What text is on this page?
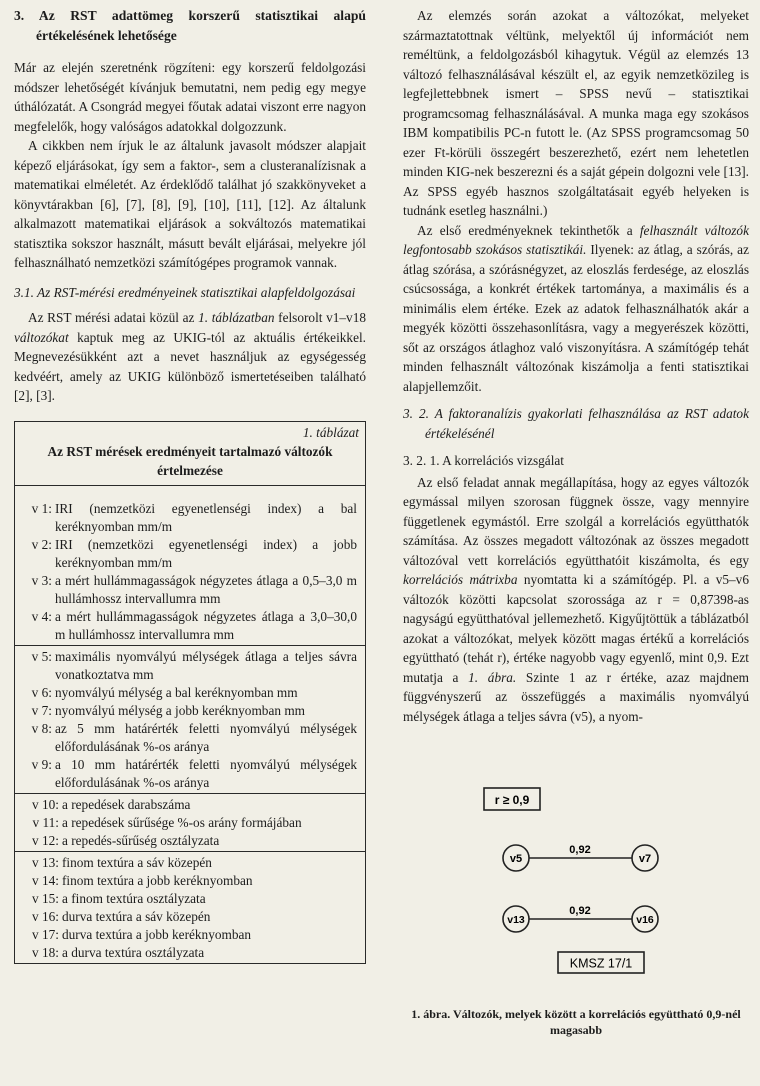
3. Az RST adattömeg korszerű statisztikai alapú értékelésének lehetősége

Már az elején szeretnénk rögzíteni: egy korszerű feldolgozási módszer lehetőségét kívánjuk bemutatni, nem pedig egy megye úthálózatát. A Csongrád megyei főutak adatai viszont erre nagyon megfelelők, hogy valóságos adatokkal dolgozzunk.

A cikkben nem írjuk le az általunk javasolt módszer alapjait képező eljárásokat, így sem a faktor-, sem a clusteranalízisnak a matematikai elméletét. Az érdeklődő találhat jó szakkönyveket a könyvtárakban [6], [7], [8], [9], [10], [11], [12]. Az általunk alkalmazott matematikai eljárások a sokváltozós matematikai statisztika sokszor használt, másutt bevált eljárásai, melyekre jól felhasználható nemzetközi számítógépes programok vannak.

3.1. Az RST-mérési eredményeinek statisztikai alapfeldolgozásai

Az RST mérési adatai közül az 1. táblázatban felsorolt v1–v18 változókat kaptuk meg az UKIG-tól az aktuális értékeikkel. Megnevezésükként azt a nevet használjuk az egységesség kedvéért, amely az UKIG különböző ismertetéseiben található [2], [3].

1. táblázat
Az RST mérések eredményeit tartalmazó változók értelmezése
v 1: IRI (nemzetközi egyenetlenségi index) a bal keréknyomban mm/m
v 2: IRI (nemzetközi egyenetlenségi index) a jobb keréknyomban mm/m
v 3: a mért hullámmagasságok négyzetes átlaga a 0,5–3,0 m hullámhossz intervallumra mm
v 4: a mért hullámmagasságok négyzetes átlaga a 3,0–30,0 m hullámhossz intervallumra mm
v 5: maximális nyomvályú mélységek átlaga a teljes sávra vonatkoztatva mm
v 6: nyomvályú mélység a bal keréknyomban mm
v 7: nyomvályú mélység a jobb keréknyomban mm
v 8: az 5 mm határérték feletti nyomvályú mélységek előfordulásának %-os aránya
v 9: a 10 mm határérték feletti nyomvályú mélységek előfordulásának %-os aránya
v 10: a repedések darabszáma
v 11: a repedések sűrűsége %-os arány formájában
v 12: a repedés-sűrűség osztályzata
v 13: finom textúra a sáv közepén
v 14: finom textúra a jobb keréknyomban
v 15: a finom textúra osztályzata
v 16: durva textúra a sáv közepén
v 17: durva textúra a jobb keréknyomban
v 18: a durva textúra osztályzata

Az elemzés során azokat a változókat, melyeket származtatottnak véltünk, melyektől új információt nem reméltünk, a feldolgozásból kihagytuk. Végül az elemzés 13 változó felhasználásával készült el, az egyik nemzetközileg is legfejlettebbnek ismert – SPSS nevű – statisztikai programcsomag felhasználásával. A munka maga egy szokásos IBM kompatibilis PC-n futott le. (Az SPSS programcsomag 50 ezer Ft-körüli összegért beszerezhető, ezért nem lehetetlen minden KIG-nek beszerezni és a saját gépein dolgozni vele [13]. Az SPSS egyéb hasznos szolgáltatásait egyéb helyeken is tudnánk esetleg használni.)

Az első eredményeknek tekinthetők a felhasznált változók legfontosabb szokásos statisztikái. Ilyenek: az átlag, a szórás, az átlag szórása, a szórásnégyzet, az eloszlás ferdesége, az eloszlás csúcsossága, a konkrét értékek tartománya, a maximális és a minimális elem értéke. Ezek az adatok felhasználhatók akár a megyék közötti összehasonlításra, vagy a megyerészek közötti, sőt az országos átlaghoz való viszonyításra. A számítógép tehát minden felhasznált változónak kiszámolja a fenti statisztikai alapjellemzőit.

3. 2. A faktoranalízis gyakorlati felhasználása az RST adatok értékelésénél

3. 2. 1. A korrelációs vizsgálat

Az első feladat annak megállapítása, hogy az egyes változók egymással milyen szorosan függnek össze, vagy mennyire függetlenek egymástól. Erre szolgál a korrelációs együtthatók számítása. Az összes megadott változónak az összes megadott változóval vett korrelációs együtthatóit kiszámolta, és egy korrelációs mátrixba nyomtatta ki a számítógép. Pl. a v5–v6 változók közötti kapcsolat szorossága az r = 0,87398-as nagyságú együtthatóval jellemezhető. Kigyűjtöttük a táblázatból azokat a változókat, melyek között magas értékű a korrelációs együttható (tehát r), értéke nagyobb vagy egyenlő, mint 0,9. Ezt mutatja a 1. ábra. Szinte 1 az r értéke, azaz majdnem függvényszerű az összefüggés a maximális nyomvályú mélységek átlaga a teljes sávra (v5), a nyom-

r ≥ 0,9
v5
0,92
v7
v13
0,92
v16
KMSZ 17/1
1. ábra. Változók, melyek között a korrelációs együttható 0,9-nél magasabb
